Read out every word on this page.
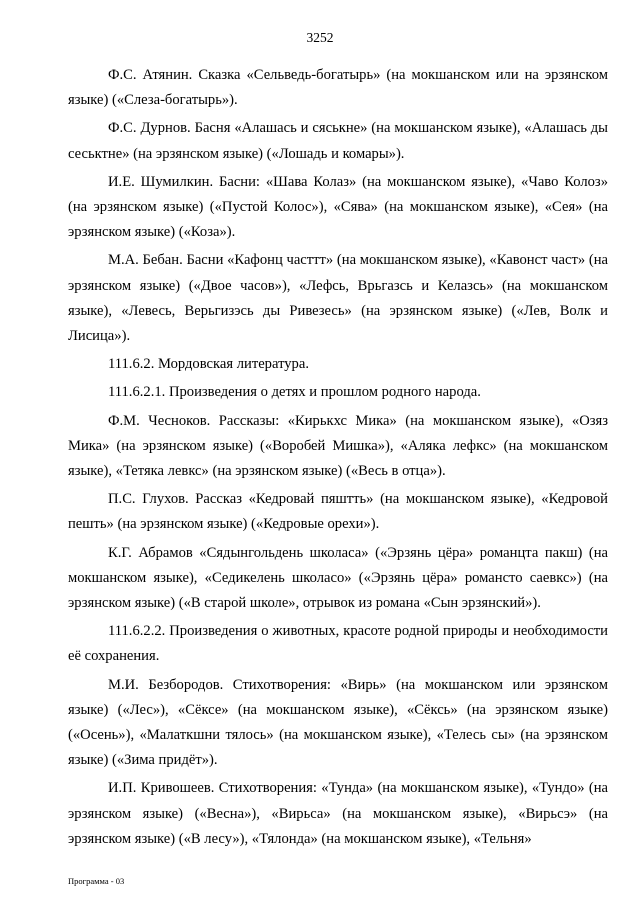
3252

Ф.С. Атянин. Сказка «Сельведь-богатырь» (на мокшанском или на эрзянском языке) («Слеза-богатырь»).

Ф.С. Дурнов. Басня «Алашась и сяськне» (на мокшанском языке), «Алашась ды сеськтне» (на эрзянском языке) («Лошадь и комары»).

И.Е. Шумилкин. Басни: «Шава Колаз» (на мокшанском языке), «Чаво Колоз» (на эрзянском языке) («Пустой Колос»), «Сява» (на мокшанском языке), «Сея» (на эрзянском языке) («Коза»).

М.А. Бебан. Басни «Кафонц часттт» (на мокшанском языке), «Кавонст част» (на эрзянском языке) («Двое часов»), «Лефсь, Врьгазсь и Келазсь» (на мокшанском языке), «Левесь, Верьгизэсь ды Ривезесь» (на эрзянском языке) («Лев, Волк и Лисица»).

111.6.2. Мордовская литература.

111.6.2.1. Произведения о детях и прошлом родного народа.

Ф.М. Чесноков. Рассказы: «Кирькхс Мика» (на мокшанском языке), «Озяз Мика» (на эрзянском языке) («Воробей Мишка»), «Аляка лефкс» (на мокшанском языке), «Тетяка левкс» (на эрзянском языке) («Весь в отца»).

П.С. Глухов. Рассказ «Кедровай пяштть» (на мокшанском языке), «Кедровой пешть» (на эрзянском языке) («Кедровые орехи»).

К.Г. Абрамов «Сядынгольдень школаса» («Эрзянь цёра» романцта пакш) (на мокшанском языке), «Седикелень школасо» («Эрзянь цёра» романсто саевкс») (на эрзянском языке) («В старой школе», отрывок из романа «Сын эрзянский»).

111.6.2.2. Произведения о животных, красоте родной природы и необходимости её сохранения.

М.И. Безбородов. Стихотворения: «Вирь» (на мокшанском или эрзянском языке) («Лес»), «Сёксе» (на мокшанском языке), «Сёксь» (на эрзянском языке) («Осень»), «Малаткшни тялось» (на мокшанском языке), «Телесь сы» (на эрзянском языке) («Зима придёт»).

И.П. Кривошеев. Стихотворения: «Тунда» (на мокшанском языке), «Тундо» (на эрзянском языке) («Весна»), «Вирьса» (на мокшанском языке), «Вирьсэ» (на эрзянском языке) («В лесу»), «Тялонда» (на мокшанском языке), «Тельня»

Программа - 03
